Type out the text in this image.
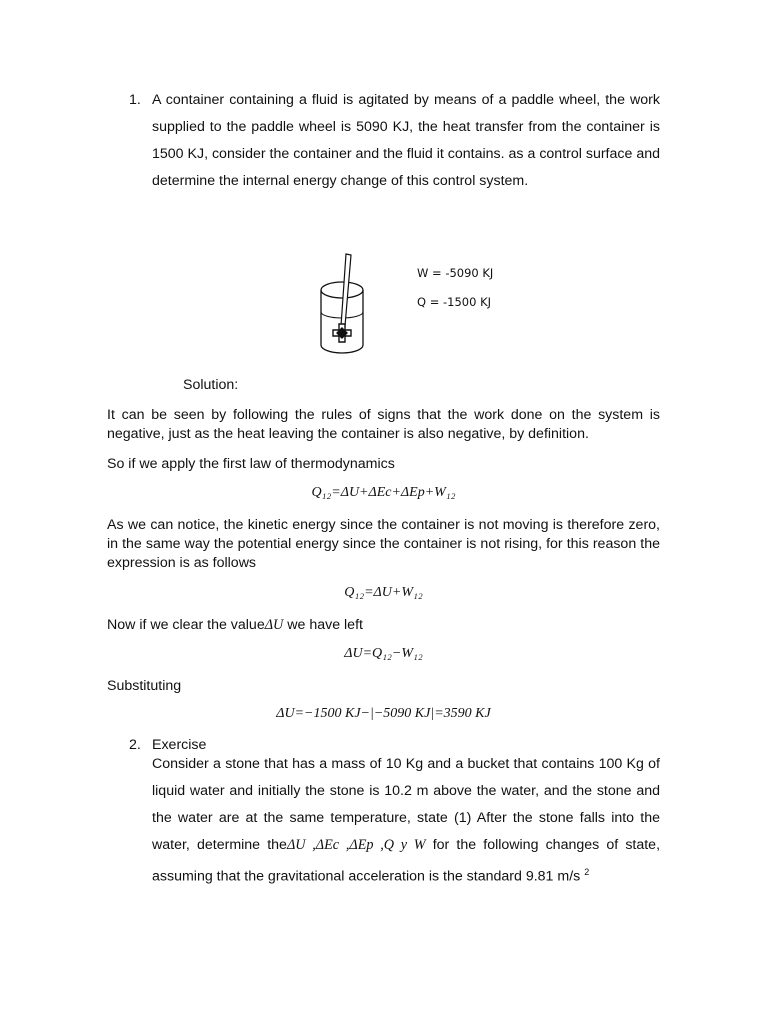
1. A container containing a fluid is agitated by means of a paddle wheel, the work supplied to the paddle wheel is 5090 KJ, the heat transfer from the container is 1500 KJ, consider the container and the fluid it contains. as a control surface and determine the internal energy change of this control system.
W = -5090 KJ
Q = -1500 KJ
Solution:
It can be seen by following the rules of signs that the work done on the system is negative, just as the heat leaving the container is also negative, by definition.
So if we apply the first law of thermodynamics
Q₁₂=ΔU+ΔEc+ΔEp+W₁₂
As we can notice, the kinetic energy since the container is not moving is therefore zero, in the same way the potential energy since the container is not rising, for this reason the expression is as follows
Q₁₂=ΔU+W₁₂
Now if we clear the valueΔU we have left
ΔU=Q₁₂−W₁₂
Substituting
ΔU=−1500 KJ−|−5090 KJ|=3590 KJ
2. Exercise
Consider a stone that has a mass of 10 Kg and a bucket that contains 100 Kg of liquid water and initially the stone is 10.2 m above the water, and the stone and the water are at the same temperature, state (1) After the stone falls into the water, determine theΔU ,ΔEc ,ΔEp ,Q y W for the following changes of state, assuming that the gravitational acceleration is the standard 9.81 m/s $^2$
